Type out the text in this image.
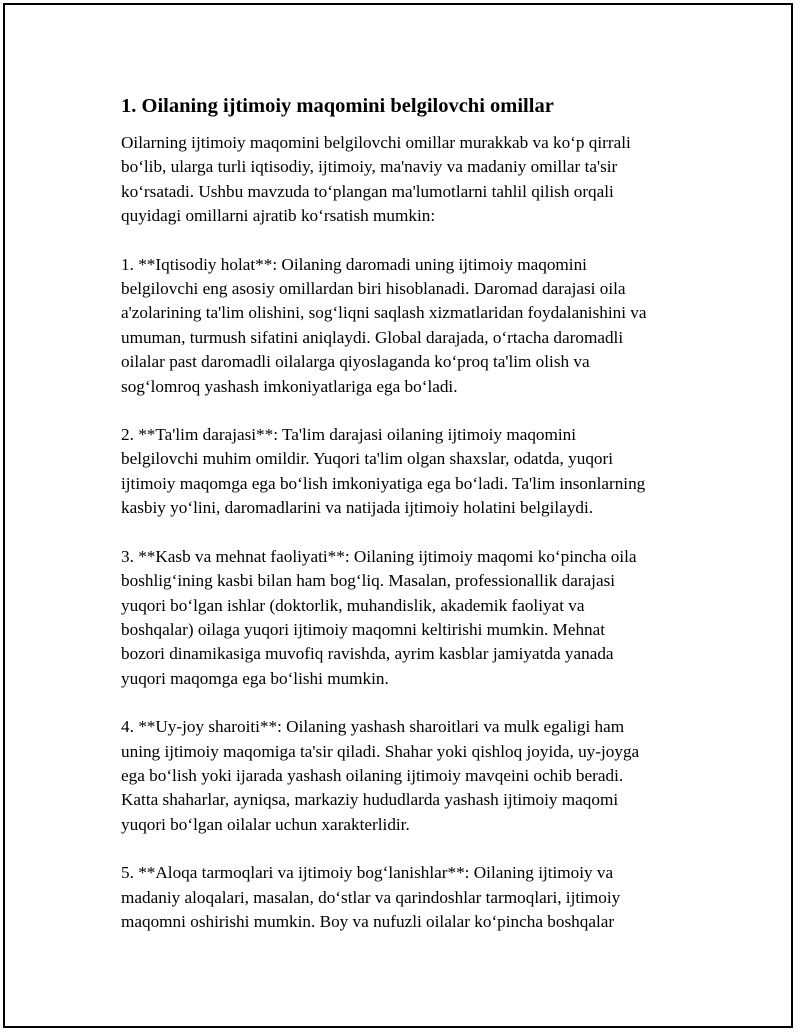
1. Oilaning ijtimoiy maqomini belgilovchi omillar

Oilarning ijtimoiy maqomini belgilovchi omillar murakkab va ko‘p qirrali
bo‘lib, ularga turli iqtisodiy, ijtimoiy, ma'naviy va madaniy omillar ta'sir
ko‘rsatadi. Ushbu mavzuda to‘plangan ma'lumotlarni tahlil qilish orqali
quyidagi omillarni ajratib ko‘rsatish mumkin:

1. **Iqtisodiy holat**: Oilaning daromadi uning ijtimoiy maqomini
belgilovchi eng asosiy omillardan biri hisoblanadi. Daromad darajasi oila
a'zolarining ta'lim olishini, sog‘liqni saqlash xizmatlaridan foydalanishini va
umuman, turmush sifatini aniqlaydi. Global darajada, o‘rtacha daromadli
oilalar past daromadli oilalarga qiyoslaganda ko‘proq ta'lim olish va
sog‘lomroq yashash imkoniyatlariga ega bo‘ladi.

2. **Ta'lim darajasi**: Ta'lim darajasi oilaning ijtimoiy maqomini
belgilovchi muhim omildir. Yuqori ta'lim olgan shaxslar, odatda, yuqori
ijtimoiy maqomga ega bo‘lish imkoniyatiga ega bo‘ladi. Ta'lim insonlarning
kasbiy yo‘lini, daromadlarini va natijada ijtimoiy holatini belgilaydi.

3. **Kasb va mehnat faoliyati**: Oilaning ijtimoiy maqomi ko‘pincha oila
boshlig‘ining kasbi bilan ham bog‘liq. Masalan, professionallik darajasi
yuqori bo‘lgan ishlar (doktorlik, muhandislik, akademik faoliyat va
boshqalar) oilaga yuqori ijtimoiy maqomni keltirishi mumkin. Mehnat
bozori dinamikasiga muvofiq ravishda, ayrim kasblar jamiyatda yanada
yuqori maqomga ega bo‘lishi mumkin.

4. **Uy-joy sharoiti**: Oilaning yashash sharoitlari va mulk egaligi ham
uning ijtimoiy maqomiga ta'sir qiladi. Shahar yoki qishloq joyida, uy-joyga
ega bo‘lish yoki ijarada yashash oilaning ijtimoiy mavqeini ochib beradi.
Katta shaharlar, ayniqsa, markaziy hududlarda yashash ijtimoiy maqomi
yuqori bo‘lgan oilalar uchun xarakterlidir.

5. **Aloqa tarmoqlari va ijtimoiy bog‘lanishlar**: Oilaning ijtimoiy va
madaniy aloqalari, masalan, do‘stlar va qarindoshlar tarmoqlari, ijtimoiy
maqomni oshirishi mumkin. Boy va nufuzli oilalar ko‘pincha boshqalar
